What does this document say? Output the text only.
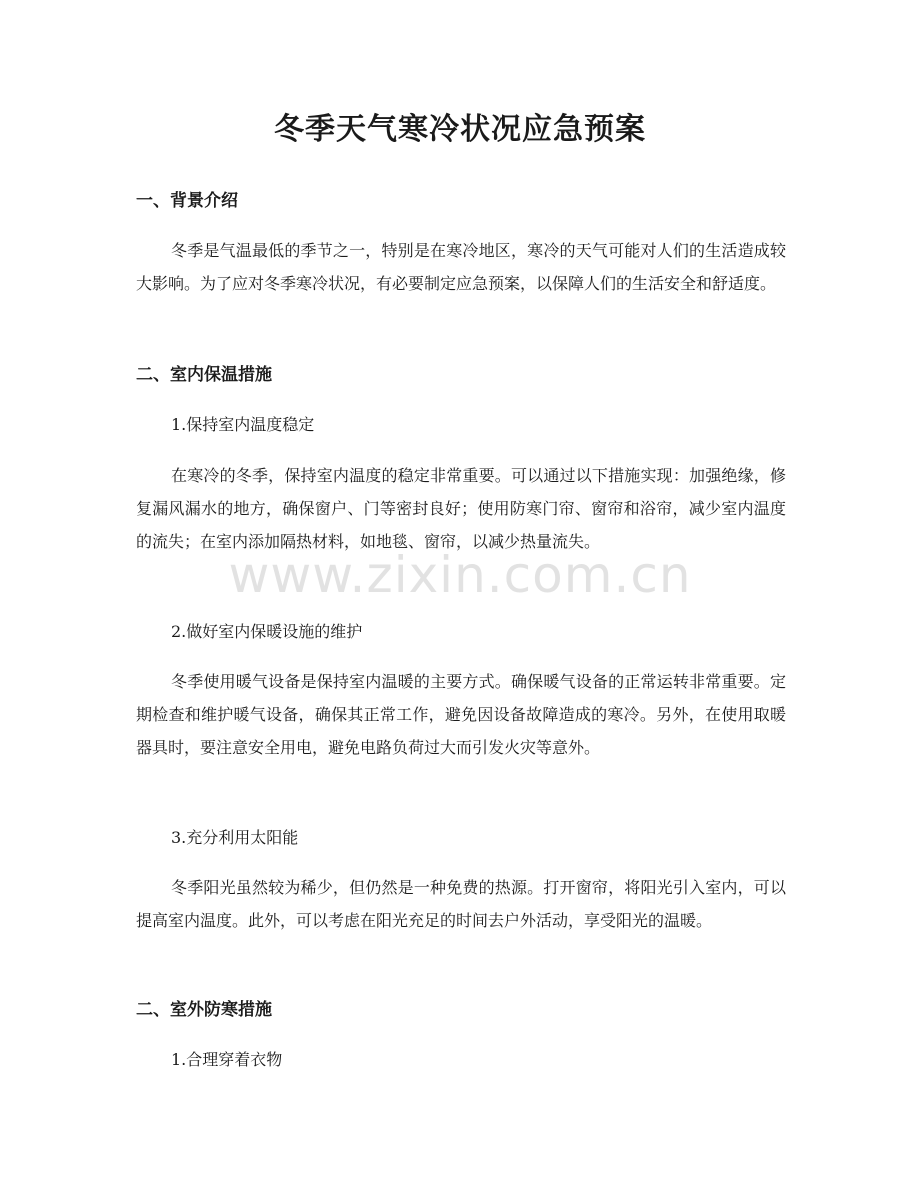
冬季天气寒冷状况应急预案
一、背景介绍
冬季是气温最低的季节之一，特别是在寒冷地区，寒冷的天气可能对人们的生活造成较大影响。为了应对冬季寒冷状况，有必要制定应急预案，以保障人们的生活安全和舒适度。
二、室内保温措施
1.保持室内温度稳定
在寒冷的冬季，保持室内温度的稳定非常重要。可以通过以下措施实现：加强绝缘，修复漏风漏水的地方，确保窗户、门等密封良好；使用防寒门帘、窗帘和浴帘，减少室内温度的流失；在室内添加隔热材料，如地毯、窗帘，以减少热量流失。
2.做好室内保暖设施的维护
冬季使用暖气设备是保持室内温暖的主要方式。确保暖气设备的正常运转非常重要。定期检查和维护暖气设备，确保其正常工作，避免因设备故障造成的寒冷。另外，在使用取暖器具时，要注意安全用电，避免电路负荷过大而引发火灾等意外。
3.充分利用太阳能
冬季阳光虽然较为稀少，但仍然是一种免费的热源。打开窗帘，将阳光引入室内，可以提高室内温度。此外，可以考虑在阳光充足的时间去户外活动，享受阳光的温暖。
二、室外防寒措施
1.合理穿着衣物
www.zixin.com.cn
